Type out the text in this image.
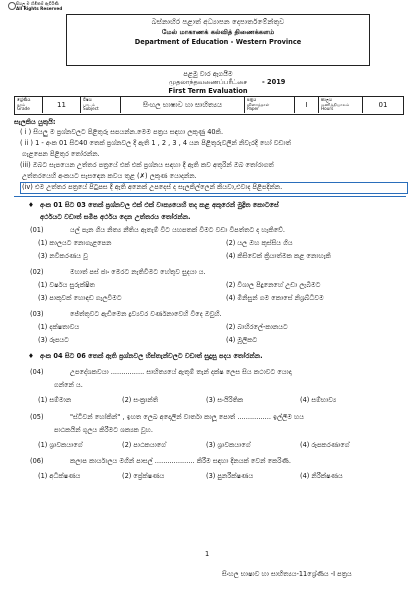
සියලු ම හිමිකම් ඇවිරිණි
All Rights Reserved
බස්නාහිර පළාත් අධ්‍යාපන දෙපාර්තමේන්තුව
மேல் மாகாணக் கல்வித் திணைக்களம்
Department of Education - Western Province
පළමු වාර ඇගයීම
முதலாந்தவணைப்பரீட்சை
First Term Evaluation
- 2019
ශ්‍රේණිය
தரம்
Grade	11
විෂය
பாடம்
Subject	සිංහල භාෂාව හා සාහිත්‍යය
පත්‍රය
வினாத்தாள்
Paper	I
කාලය
மணித்தியாலம்
Hours	01
සැලකිය යුතුයි:
( i ) සියලු ම ප්‍රශ්නවලට පිළිතුරු සපයන්න.මෙම පත්‍රය සඳහා ලකුණු 40කි.
( ii ) 1 - අංක 01 සිට40 තෙක් ප්‍රශ්නවල දී ඇති 1 , 2 , 3 , 4 යන පිළිතුරුවලින් නිවැරදි හෝ වඩාත්
ගැළපෙන පිළිතුර තෝරන්න.
(iii) ඔබට සැපයෙන උත්තර පත්‍රයේ එක් එක් ප්‍රශ්නය සඳහා දී ඇති කව අතුරින් ඔබ තෝරාගත්
උත්තරයෙහි අංකයට සැසඳෙන කවය තුළ (✗) ලකුණ යොදන්න.
(iv) එම උත්තර පත්‍රයේ පිටුපස දී ඇති අනෙක් උපදෙස් ද සැලකිල්ලෙන් කියවා,එවාද පිළිපදින්න.
♦ අංක 01 සිට 03 තෙක් ප්‍රශ්නවල එක් එක් වාක්‍යයෙහි තද කළ අකුරෙන් මුද්‍රිත කොටසේ
අර්ථයට වඩාත් සමීප අර්ථය දෙන උත්තරය තෝරන්න.
(01)	යල් පැන ගිය නිත්‍ය නීතිය ඇතැම් විට යහපතක් වීමට වඩා විපත්තට ද හැකිවේ.
(1) කාලයට නොගැළපෙන	(2) යල ඔහ කුස්සිය ගිය
(3) නවීකරණය වූ	(4) කිසිවෙක් ක්‍රියාත්මක කළ නොහැකි
(02)	මහාත් පස් ජාං මෙරට නැතිවීමට හේතුව සුදයා ය.
(1) වර්ෂය සුරුක්ෂිත	(2) විශාල පිදුනෙහේ උඩා ලැබීමට
(3) පාකුවක් හොඳඩ ගැලවීමට	(4) මිනිසුන් ගම කොසේ නිශ්‍රබ්ධිවම
(03)	ජේත්තුවට ඇඩිමෙන ද්‍රව්‍යවර වර්ණනාවෙහි විදෙ ඔවුහි.
(1) දක්ෂතාවය	(2) බාහිරලේ-කානයට
(3) රූපයට	(4) මූලිකට
♦ අංක 04 සිට 06 තෙක් ඇති ප්‍රශ්නවල හිස්තැන්වලට වඩාත් සුදුසු පදය තෝරන්න.
(04)	උපදේශකවයා ................ සාහිත්‍යයේ ඇතුම් තැන් දක්ෂ ලෙස සිය කථාවට යොදා
ගන්නේ ය.
(1) සම්මාන	(2) සංක්‍රාන්ති	(3) සංයිරිතික	(4) සම්භාව්‍ය
(05)	"ස්ටීවන් හෝකින්" , ඉහත ලෙඛ අදෙලින් වාර්තා කාලූ පොත් ................ ඉල්ලීම හය
පාඨකයින් ගුලය කිරීමට ශක්‍යක වූහ.
(1) ශ්‍රාවකයාගේ	(2) පාඨකයාගේ	(3) ශ්‍රාවකයාගේ	(4) රූපකරණාගේ
(06)	කලාප කාර්යාලය මගින් පාසල් ................... කිරීම සඳහා දිනයක් වෙන් කෙරිණි.
(1) අධීක්ෂණය	(2) ප්‍රේක්ෂණය	(3) පුනරීක්ෂණය	(4) නිරීක්ෂණය
1
සිංහල භාෂාව හා සාහිත්‍යය-11ශ්‍රේණිය -I පත්‍රය
